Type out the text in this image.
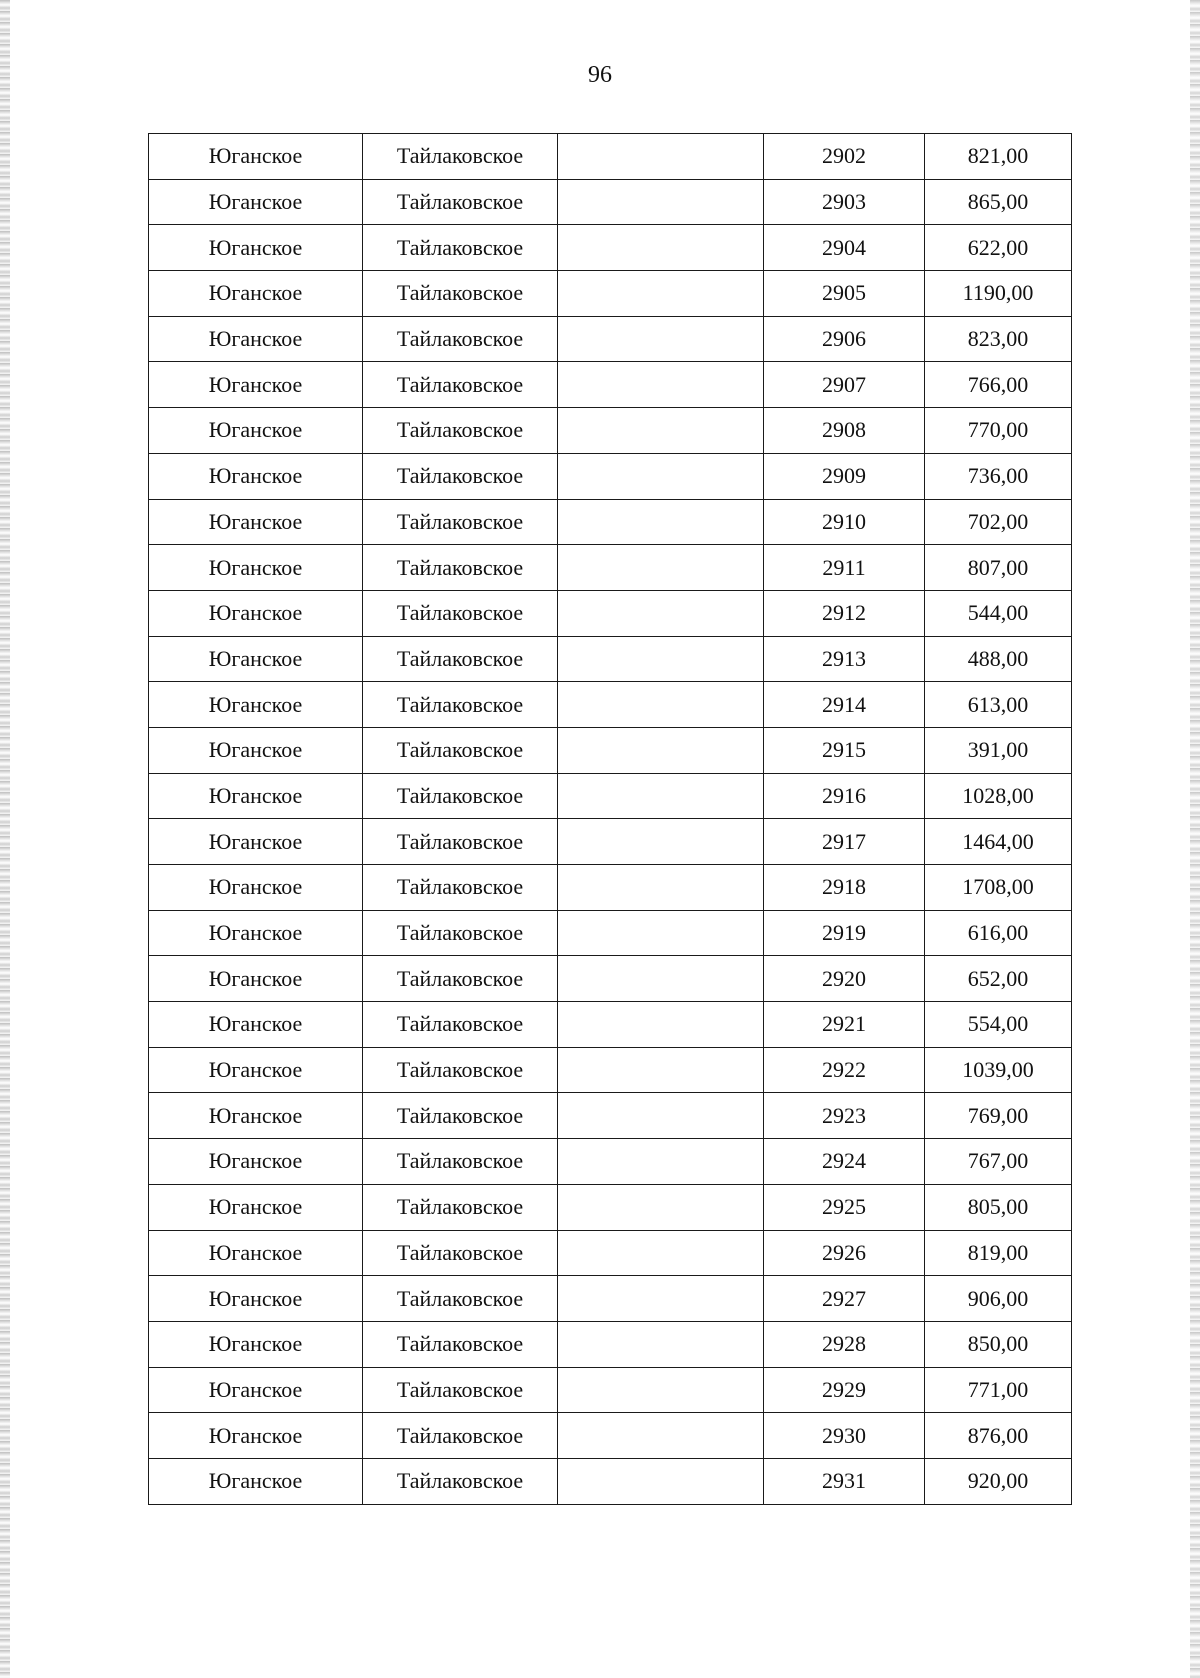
96
Юганское	Тайлаковское		2902	821,00
Юганское	Тайлаковское		2903	865,00
Юганское	Тайлаковское		2904	622,00
Юганское	Тайлаковское		2905	1190,00
Юганское	Тайлаковское		2906	823,00
Юганское	Тайлаковское		2907	766,00
Юганское	Тайлаковское		2908	770,00
Юганское	Тайлаковское		2909	736,00
Юганское	Тайлаковское		2910	702,00
Юганское	Тайлаковское		2911	807,00
Юганское	Тайлаковское		2912	544,00
Юганское	Тайлаковское		2913	488,00
Юганское	Тайлаковское		2914	613,00
Юганское	Тайлаковское		2915	391,00
Юганское	Тайлаковское		2916	1028,00
Юганское	Тайлаковское		2917	1464,00
Юганское	Тайлаковское		2918	1708,00
Юганское	Тайлаковское		2919	616,00
Юганское	Тайлаковское		2920	652,00
Юганское	Тайлаковское		2921	554,00
Юганское	Тайлаковское		2922	1039,00
Юганское	Тайлаковское		2923	769,00
Юганское	Тайлаковское		2924	767,00
Юганское	Тайлаковское		2925	805,00
Юганское	Тайлаковское		2926	819,00
Юганское	Тайлаковское		2927	906,00
Юганское	Тайлаковское		2928	850,00
Юганское	Тайлаковское		2929	771,00
Юганское	Тайлаковское		2930	876,00
Юганское	Тайлаковское		2931	920,00
